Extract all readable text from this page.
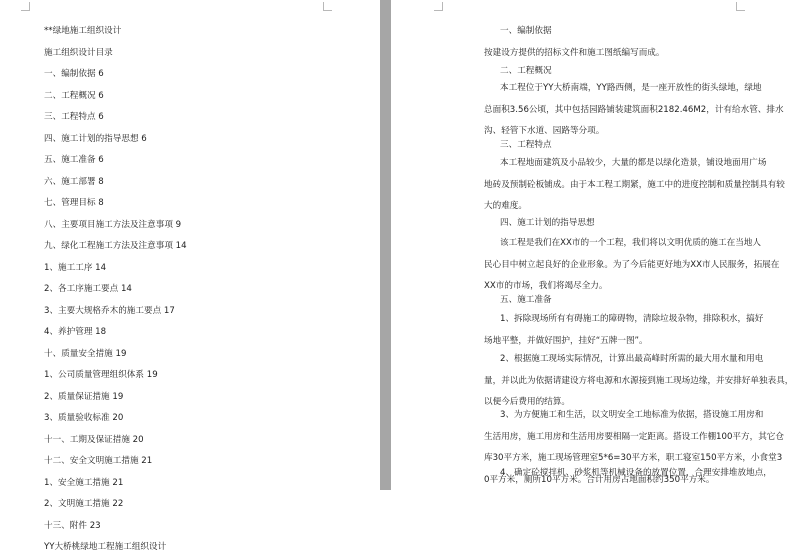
**绿地施工组织设计
施工组织设计目录
一、编制依据 6
二、工程概况 6
三、工程特点 6
四、施工计划的指导思想 6
五、施工准备 6
六、施工部署 8
七、管理目标 8
八、主要项目施工方法及注意事项 9
九、绿化工程施工方法及注意事项 14
1、施工工序 14
2、各工序施工要点 14
3、主要大规格乔木的施工要点 17
4、养护管理 18
十、质量安全措施 19
1、公司质量管理组织体系 19
2、质量保证措施 19
3、质量验收标准 20
十一、工期及保证措施 20
十二、安全文明施工措施 21
1、安全施工措施 21
2、文明施工措施 22
十三、附件 23
YY大桥桃绿地工程施工组织设计
一、编制依据
按建设方提供的招标文件和施工图纸编写而成。
二、工程概况
本工程位于YY大桥南端，YY路西侧，是一座开放性的街头绿地，绿地
总面积3.56公顷，其中包括园路铺装建筑面积2182.46M2，计有给水管、排水
沟、轻管下水道、园路等分项。
三、工程特点
本工程地面建筑及小品较少，大量的都是以绿化造景，铺设地面用广场
地砖及预制砼板铺成。由于本工程工期紧，施工中的进度控制和质量控制具有较
大的难度。
四、施工计划的指导思想
该工程是我们在XX市的一个工程，我们将以文明优质的施工在当地人
民心目中树立起良好的企业形象。为了今后能更好地为XX市人民服务，拓展在
XX市的市场，我们将竭尽全力。
五、施工准备
1、拆除现场所有有碍施工的障碍物，清除垃圾杂物，排除积水，搞好
场地平整，并做好围护，挂好“五牌一图”。
2、根据施工现场实际情况，计算出最高峰时所需的最大用水量和用电
量，并以此为依据请建设方将电源和水源接到施工现场边缘，并安排好单独表具，
以便今后费用的结算。
3、为方便施工和生活，以文明安全工地标准为依据，搭设施工用房和
生活用房，施工用房和生活用房要相隔一定距离。搭设工作棚100平方，其它仓
库30平方米，施工现场管理室5*6=30平方米，职工寝室150平方米，小食堂3
0平方米，厕所10平方米。合计用房占地面积约350平方米。
4、确定砼搅拌机、砂浆机等机械设备的放置位置，合理安排堆放地点，
